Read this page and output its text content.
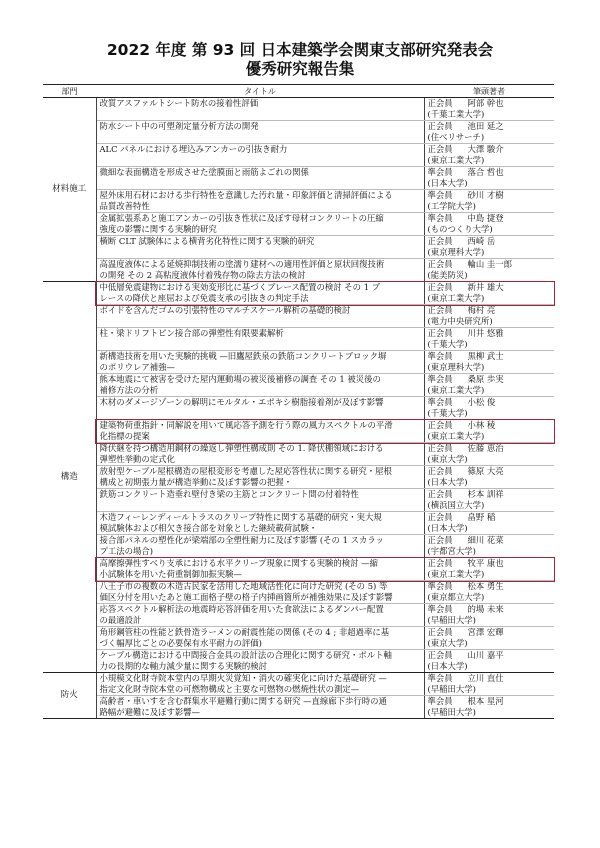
2022 年度 第 93 回 日本建築学会関東支部研究発表会
優秀研究報告集
部門	タイトル	筆頭著者
材料施工	改質アスファルトシート防水の接着性評価	正会員 阿部 幹也
(千葉工業大学)

	防水シート中の可塑剤定量分析方法の開発	正会員 池田 延之
(住べリサーチ)

	ALC パネルにおける埋込みアンカーの引抜き耐力	正会員 大澤 駿介
(東京工業大学)

	微細な表面構造を形成させた塗膜面と雨筋よごれの関係	準会員 落合 哲也
(日本大学)

	屋外床用石材における歩行特性を意識した汚れ量・印象評価と清掃評価による
品質改善特性	準会員 砂川 才樹
(工学院大学)

	金属拡張系あと施工アンカーの引抜き性状に及ぼす母材コンクリートの圧縮
強度の影響に関する実験的研究	準会員 中島 捷登
(ものつくり大学)

	横断 CLT 試験体による横背劣化特性に関する実験的研究	正会員 西崎 岳
(東京理科大学)

	高温度液体による延焼抑制技術の塗濡り建材への適用性評価と原状回復技術
の開発 その 2 高粘度液体付着残存物の除去方法の検討	正会員 輪山 圭一郎
(能美防災)

構造	中低層免震建物における実効変形比に基づくブレース配置の検討 その 1 ブ
レースの降伏と座屈および免震支承の引抜きの判定手法	正会員 新井 雄大
(東京工業大学)

	ボイドを含んだゴムの引張特性のマルチスケール解析の基礎的検討	正会員 梅村 亮
(電力中央研究所)

	柱・梁ドリフトピン接合部の弾塑性有限要素解析	正会員 川井 悠雅
(千葉大学)

	新構造技術を用いた実験的挑戦 —旧鷹屋鉄泉の鉄筋コンクリートブロック塀
のポリウレア補強—	準会員 黒柳 武士
(東京理科大学)

	熊本地震にて被害を受けた屋内運動場の被災後補修の調査 その 1 被災後の
補修方法の分析	準会員 桑原 歩実
(東京工業大学)

	木材のダメージゾーンの解明にモルタル・エポキシ樹脂接着剤が及ぼす影響	準会員 小松 俊
(千葉大学)

	建築物荷重指針・同解説を用いて風応答予測を行う際の風力スペクトルの平滑
化指標の提案	正会員 小林 稜
(東京工業大学)

	降伏継を持つ構造用鋼材の繰返し弾塑性構成則 その 1. 降伏棚領域における
弾塑性挙動の定式化	正会員 佐藤 恵治
(東京大学)

	放射型ケーブル屋根構造の屋根変形を考慮した屋応答性状に関する研究・屋根
構成と初期張力量が構造挙動に及ぼす影響の把握・	正会員 篠原 大亮
(日本大学)

	鉄筋コンクリート造垂れ壁付き梁の主筋とコンクリート間の付着特性	正会員 杉本 訓祥
(横浜国立大学)

	木造フィーレンディールトラスのクリープ特性に関する基礎的研究・実大規
模試験体および相欠き接合部を対象とした継続載荷試験・	正会員 畠野 稲
(日本大学)

	接合部パネルの塑性化が梁端部の全塑性耐力に及ぼす影響 (その 1 スカラッ
プ工法の場合)	正会員 細川 花菜
(宇都宮大学)

	高摩擦弾性すべり支承における水平クリープ現象に関する実験的検討 —縮
小試験体を用いた荷重制御加振実験—	正会員 牧平 康也
(東京工業大学)

	八王子市の複数の木造古民家を活用した地域活性化に向けた研究 (その 5) 等
価区分付を用いたあと施工面格子壁の格子内挿画箇所が補強効果に及ぼす影響	準会員 松本 勇生
(東京都立大学)

	応答スペクトル解析法の地震時応答評価を用いた食欲法によるダンパー配置
の最適設計	準会員 的場 未来
(早稲田大学)

	角形鋼管柱の性能と鉄骨造ラーメンの耐震性能の関係 (その 4 ; 非超過率に基
づく幅厚比ごとの必要保有水平耐力の評価)	正会員 宮澤 宏輝
(東京大学)

	ケーブル構造における中間接合金具の設計法の合理化に関する研究・ボルト軸
力の長期的な軸力減少量に関する実験的検討	正会員 山川 嘉平
(日本大学)

防火	小規模文化財寺院本堂内の早期火災覚知・消火の確実化に向けた基礎研究 —
指定文化財寺院本堂の可燃物構成と主要な可燃物の燃焼性状の測定—	準会員 立川 直仕
(早稲田大学)

	高齢者・車いすを含む群集水平避難行動に関する研究 —直線廊下歩行時の通
路幅が避難に及ぼす影響—	準会員 根本 星河
(早稲田大学)
